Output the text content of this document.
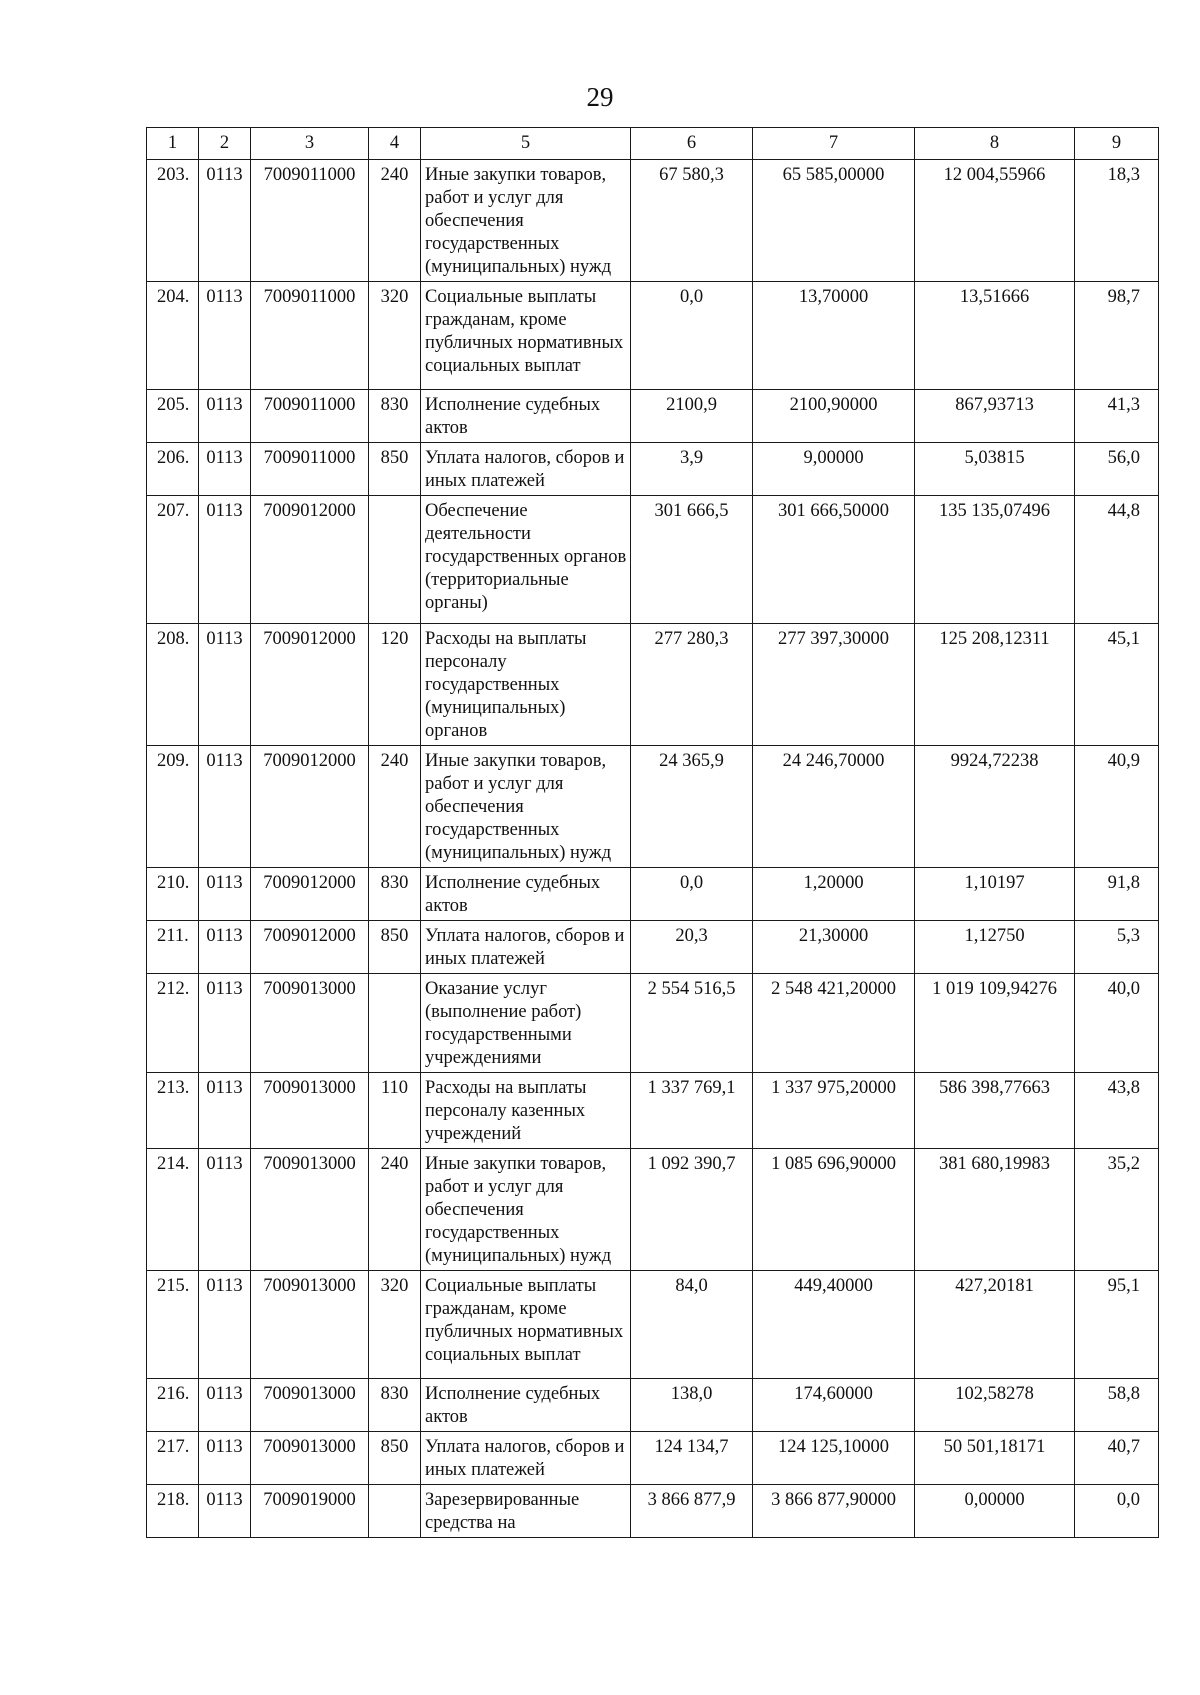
29
1	2	3	4	5	6	7	8	9
203.	0113	7009011000	240	Иные закупки товаров, работ и услуг для обеспечения государственных (муниципальных) нужд	67 580,3	65 585,00000	12 004,55966	18,3
204.	0113	7009011000	320	Социальные выплаты гражданам, кроме публичных нормативных социальных выплат	0,0	13,70000	13,51666	98,7
205.	0113	7009011000	830	Исполнение судебных актов	2100,9	2100,90000	867,93713	41,3
206.	0113	7009011000	850	Уплата налогов, сборов и иных платежей	3,9	9,00000	5,03815	56,0
207.	0113	7009012000		Обеспечение деятельности государственных органов (территориальные органы)	301 666,5	301 666,50000	135 135,07496	44,8
208.	0113	7009012000	120	Расходы на выплаты персоналу государственных (муниципальных) органов	277 280,3	277 397,30000	125 208,12311	45,1
209.	0113	7009012000	240	Иные закупки товаров, работ и услуг для обеспечения государственных (муниципальных) нужд	24 365,9	24 246,70000	9924,72238	40,9
210.	0113	7009012000	830	Исполнение судебных актов	0,0	1,20000	1,10197	91,8
211.	0113	7009012000	850	Уплата налогов, сборов и иных платежей	20,3	21,30000	1,12750	5,3
212.	0113	7009013000		Оказание услуг (выполнение работ) государственными учреждениями	2 554 516,5	2 548 421,20000	1 019 109,94276	40,0
213.	0113	7009013000	110	Расходы на выплаты персоналу казенных учреждений	1 337 769,1	1 337 975,20000	586 398,77663	43,8
214.	0113	7009013000	240	Иные закупки товаров, работ и услуг для обеспечения государственных (муниципальных) нужд	1 092 390,7	1 085 696,90000	381 680,19983	35,2
215.	0113	7009013000	320	Социальные выплаты гражданам, кроме публичных нормативных социальных выплат	84,0	449,40000	427,20181	95,1
216.	0113	7009013000	830	Исполнение судебных актов	138,0	174,60000	102,58278	58,8
217.	0113	7009013000	850	Уплата налогов, сборов и иных платежей	124 134,7	124 125,10000	50 501,18171	40,7
218.	0113	7009019000		Зарезервированные средства на	3 866 877,9	3 866 877,90000	0,00000	0,0
